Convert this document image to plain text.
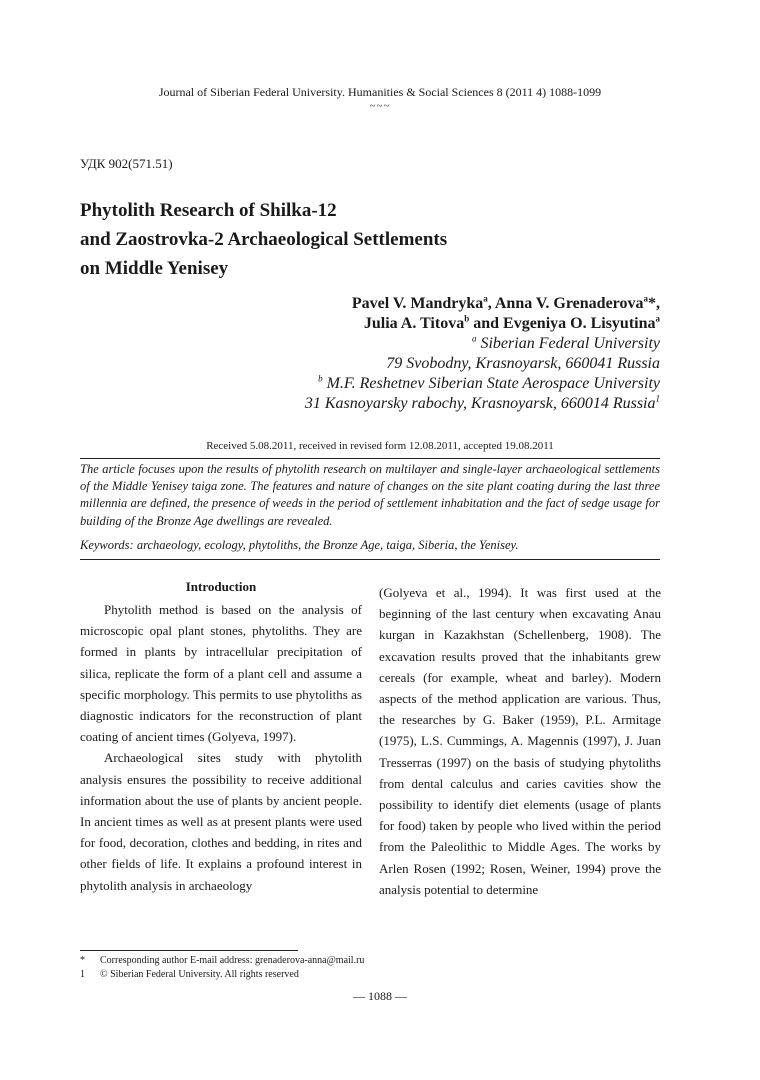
Journal of Siberian Federal University. Humanities & Social Sciences 8 (2011 4) 1088-1099
~~~
УДК 902(571.51)
Phytolith Research of Shilka-12
and Zaostrovka-2 Archaeological Settlements
on Middle Yenisey
Pavel V. Mandryka$^a$, Anna V. Grenaderova$^a$*,
Julia A. Titova$^b$ and Evgeniya O. Lisyutina$^a$
$^a$ Siberian Federal University
79 Svobodny, Krasnoyarsk, 660041 Russia
$^b$ M.F. Reshetnev Siberian State Aerospace University
31 Kasnoyarsky rabochy, Krasnoyarsk, 660014 Russia$^1$
Received 5.08.2011, received in revised form 12.08.2011, accepted 19.08.2011
The article focuses upon the results of phytolith research on multilayer and single-layer archaeological settlements of the Middle Yenisey taiga zone. The features and nature of changes on the site plant coating during the last three millennia are defined, the presence of weeds in the period of settlement inhabitation and the fact of sedge usage for building of the Bronze Age dwellings are revealed.
Keywords: archaeology, ecology, phytoliths, the Bronze Age, taiga, Siberia, the Yenisey.
Introduction

Phytolith method is based on the analysis of microscopic opal plant stones, phytoliths. They are formed in plants by intracellular precipitation of silica, replicate the form of a plant cell and assume a specific morphology. This permits to use phytoliths as diagnostic indicators for the reconstruction of plant coating of ancient times (Golyeva, 1997).

Archaeological sites study with phytolith analysis ensures the possibility to receive additional information about the use of plants by ancient people. In ancient times as well as at present plants were used for food, decoration, clothes and bedding, in rites and other fields of life. It explains a profound interest in phytolith analysis in archaeology

(Golyeva et al., 1994). It was first used at the beginning of the last century when excavating Anau kurgan in Kazakhstan (Schellenberg, 1908). The excavation results proved that the inhabitants grew cereals (for example, wheat and barley). Modern aspects of the method application are various. Thus, the researches by G. Baker (1959), P.L. Armitage (1975), L.S. Cummings, A. Magennis (1997), J. Juan Tresserras (1997) on the basis of studying phytoliths from dental calculus and caries cavities show the possibility to identify diet elements (usage of plants for food) taken by people who lived within the period from the Paleolithic to Middle Ages. The works by Arlen Rosen (1992; Rosen, Weiner, 1994) prove the analysis potential to determine

* Corresponding author E-mail address: grenaderova-anna@mail.ru
1 © Siberian Federal University. All rights reserved
— 1088 —
